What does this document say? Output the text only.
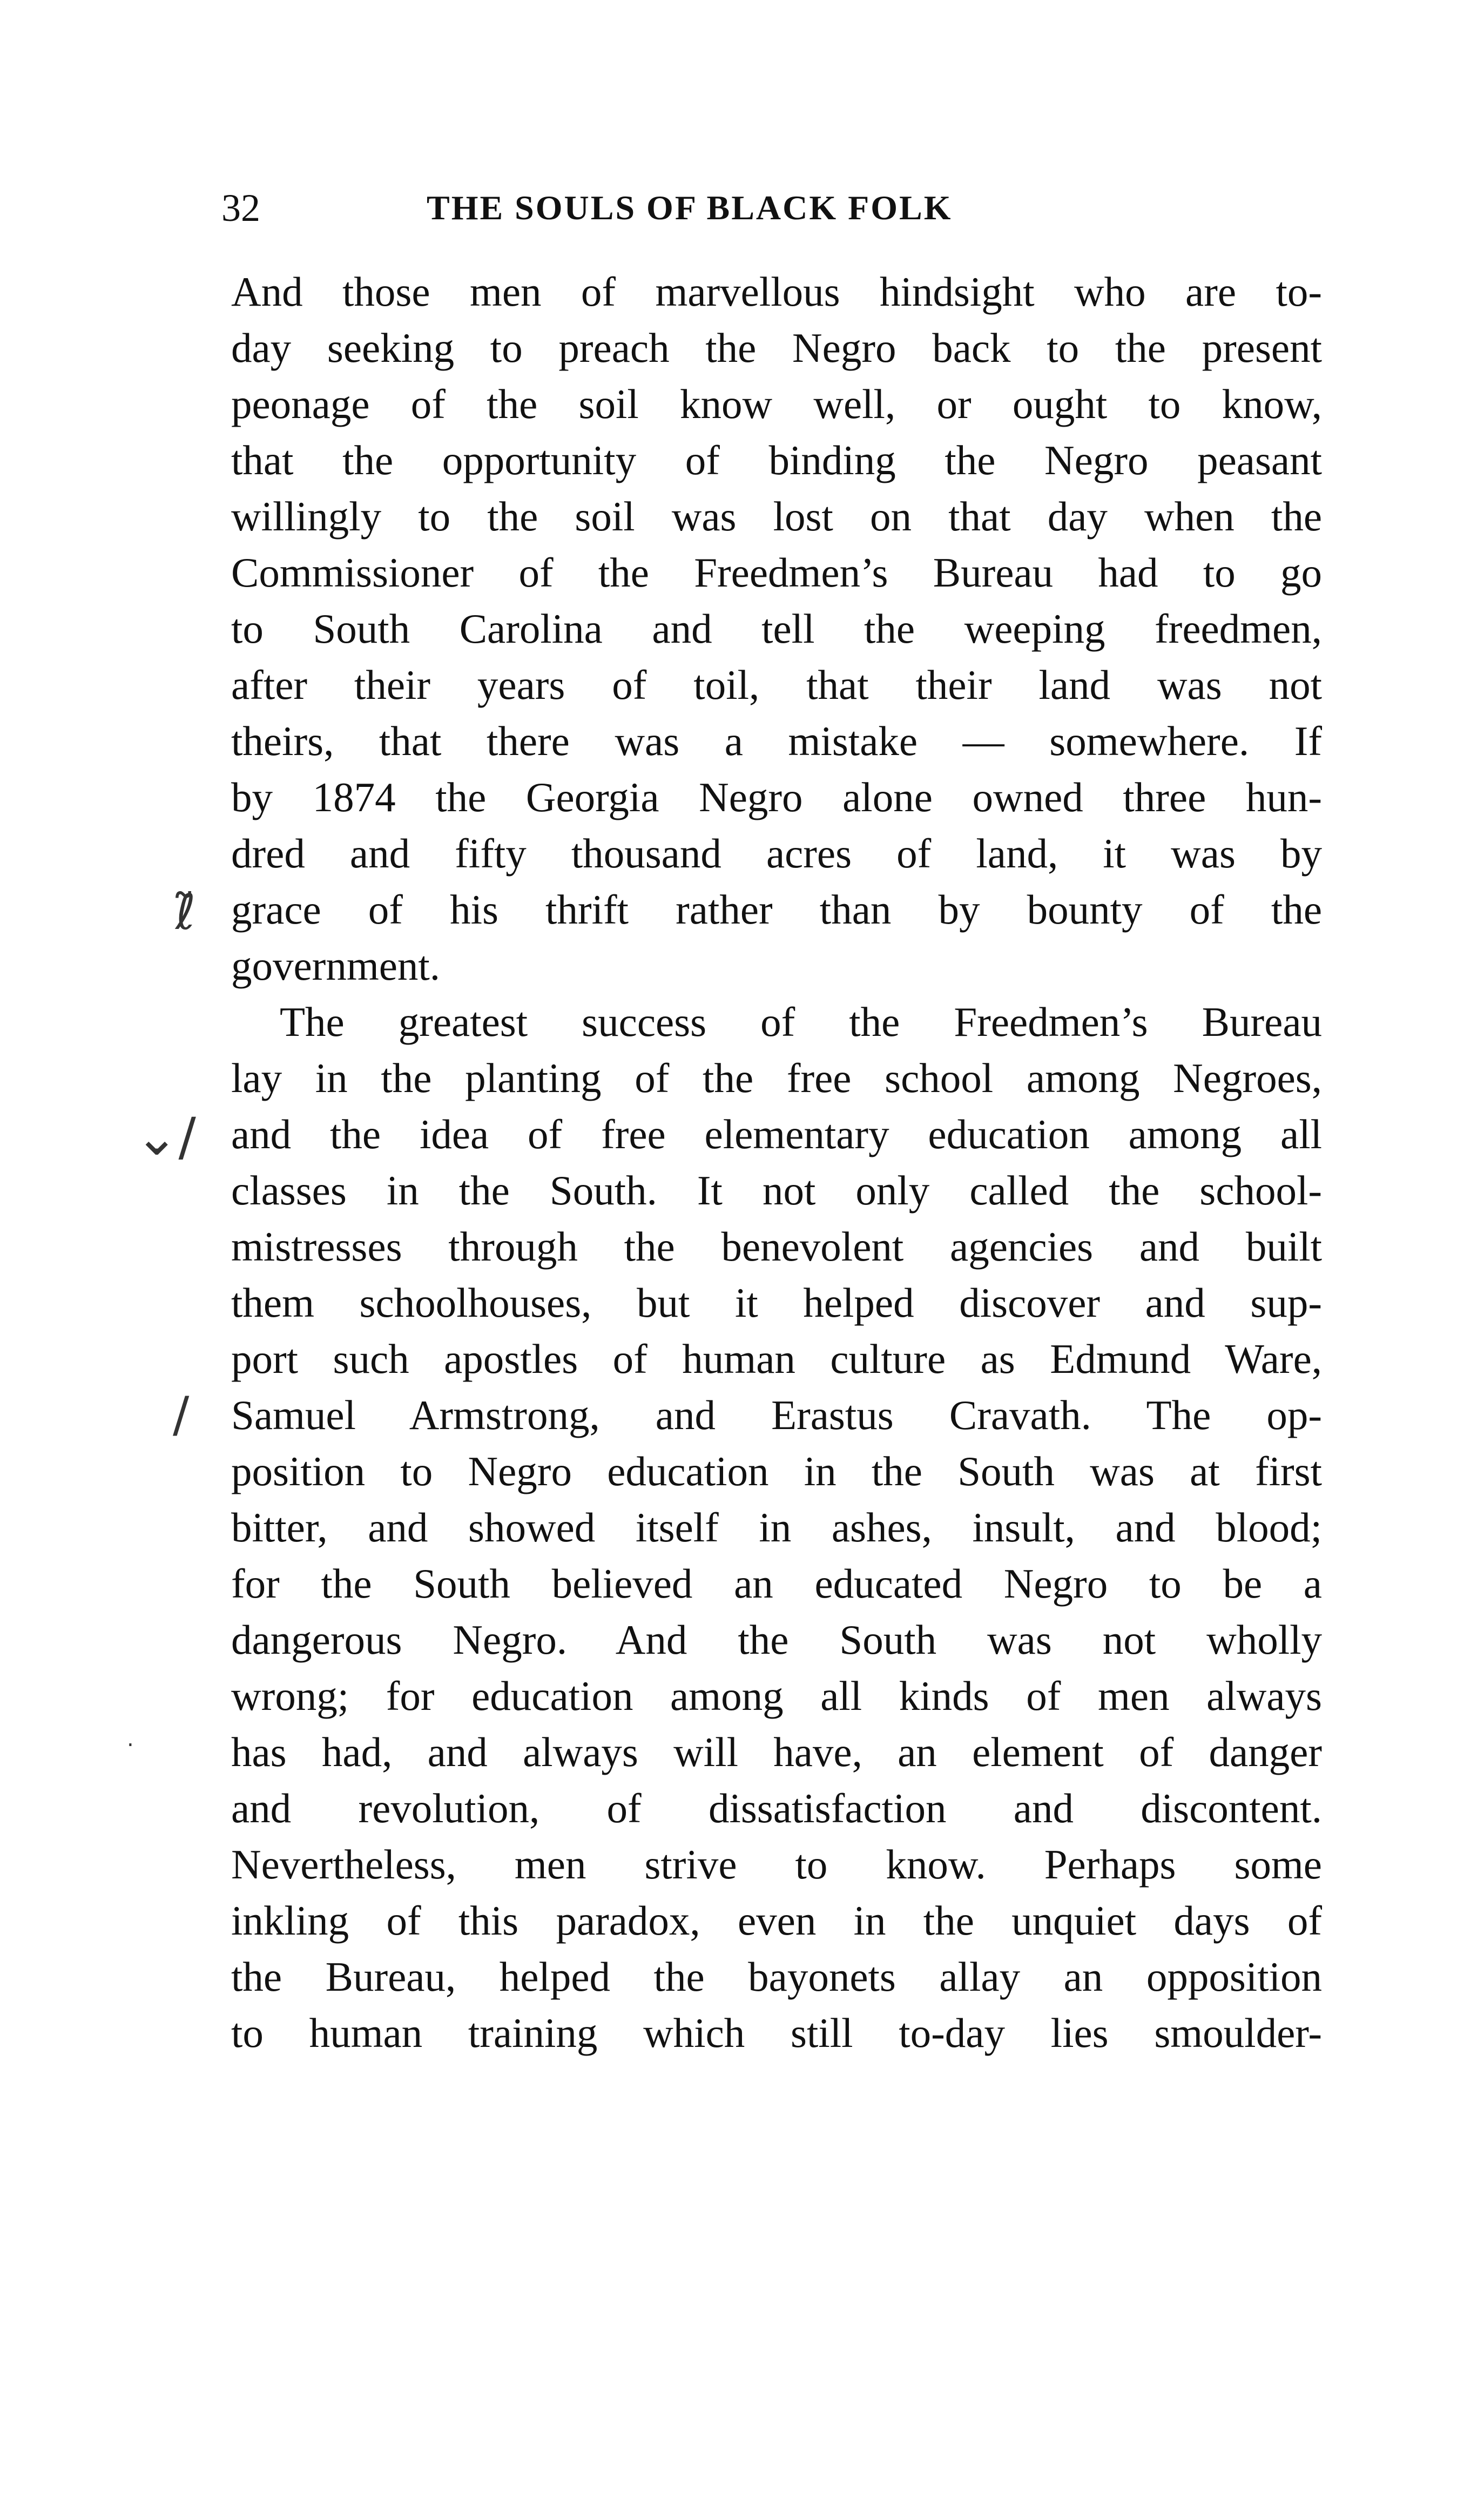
32	THE SOULS OF BLACK FOLK
And those men of marvellous hindsight who are to-
day seeking to preach the Negro back to the present
peonage of the soil know well, or ought to know,
that the opportunity of binding the Negro peasant
willingly to the soil was lost on that day when the
Commissioner of the Freedmen’s Bureau had to go
to South Carolina and tell the weeping freedmen,
after their years of toil, that their land was not
theirs, that there was a mistake — somewhere. If
by 1874 the Georgia Negro alone owned three hun-
dred and fifty thousand acres of land, it was by
grace of his thrift rather than by bounty of the
government.
The greatest success of the Freedmen’s Bureau
lay in the planting of the free school among Negroes,
and the idea of free elementary education among all
classes in the South. It not only called the school-
mistresses through the benevolent agencies and built
them schoolhouses, but it helped discover and sup-
port such apostles of human culture as Edmund Ware,
Samuel Armstrong, and Erastus Cravath. The op-
position to Negro education in the South was at first
bitter, and showed itself in ashes, insult, and blood;
for the South believed an educated Negro to be a
dangerous Negro. And the South was not wholly
wrong; for education among all kinds of men always
has had, and always will have, an element of danger
and revolution, of dissatisfaction and discontent.
Nevertheless, men strive to know. Perhaps some
inkling of this paradox, even in the unquiet days of
the Bureau, helped the bayonets allay an opposition
to human training which still to-day lies smoulder-
ℓ̃
⌄/
/
.
